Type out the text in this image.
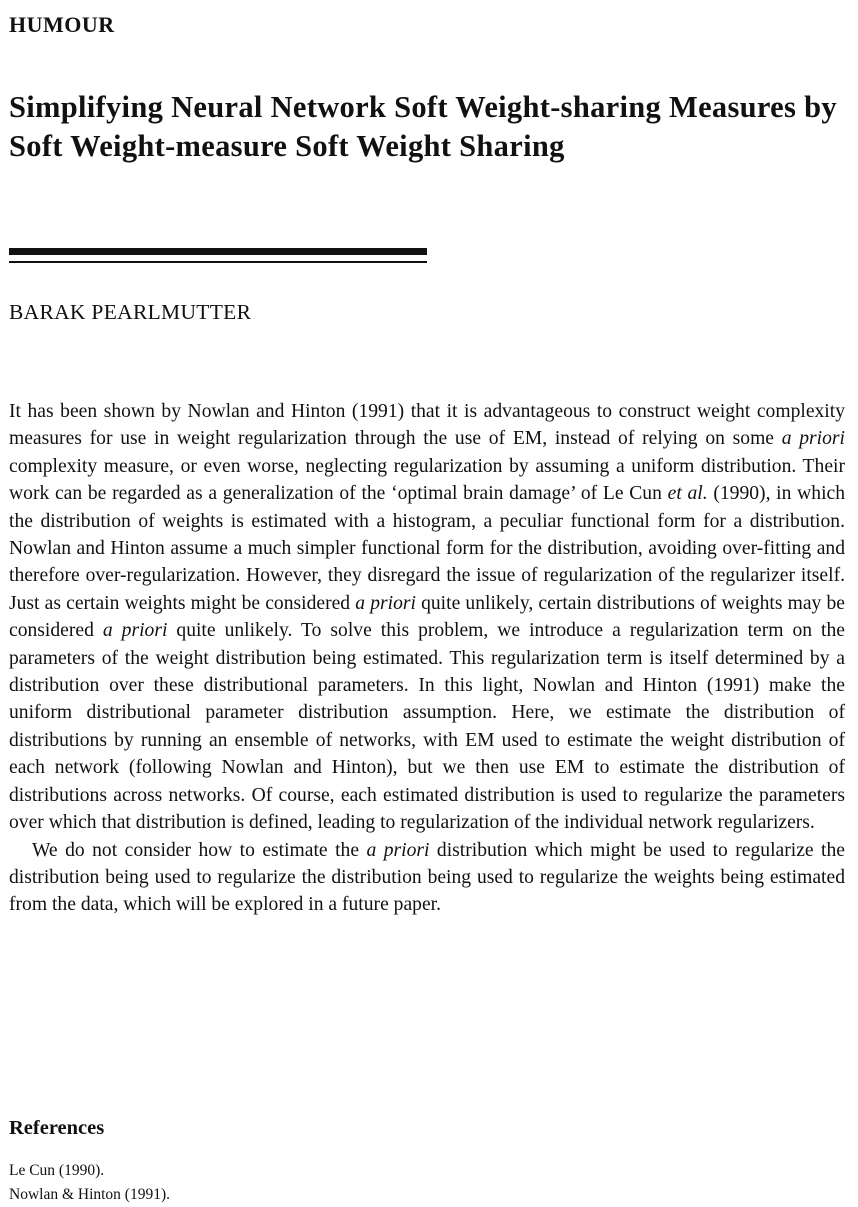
HUMOUR
Simplifying Neural Network Soft Weight-sharing Measures by Soft Weight-measure Soft Weight Sharing
BARAK PEARLMUTTER

It has been shown by Nowlan and Hinton (1991) that it is advantageous to construct weight complexity measures for use in weight regularization through the use of EM, instead of relying on some a priori complexity measure, or even worse, neglecting regularization by assuming a uniform distribution. Their work can be regarded as a generalization of the ‘optimal brain damage’ of Le Cun et al. (1990), in which the distribution of weights is estimated with a histogram, a peculiar functional form for a distribution. Nowlan and Hinton assume a much simpler functional form for the distribution, avoiding over-fitting and therefore over-regularization. However, they disregard the issue of regularization of the regularizer itself. Just as certain weights might be considered a priori quite unlikely, certain distributions of weights may be considered a priori quite unlikely. To solve this problem, we introduce a regularization term on the parameters of the weight distribution being estimated. This regularization term is itself determined by a distribution over these distributional parameters. In this light, Nowlan and Hinton (1991) make the uniform distributional parameter distribution assumption. Here, we estimate the distribution of distributions by running an ensemble of networks, with EM used to estimate the weight distribution of each network (following Nowlan and Hinton), but we then use EM to estimate the distribution of distributions across networks. Of course, each estimated distribution is used to regularize the parameters over which that distribution is defined, leading to regularization of the individual network regularizers.

We do not consider how to estimate the a priori distribution which might be used to regularize the distribution being used to regularize the distribution being used to regularize the weights being estimated from the data, which will be explored in a future paper.

References
Le Cun (1990).
Nowlan & Hinton (1991).
